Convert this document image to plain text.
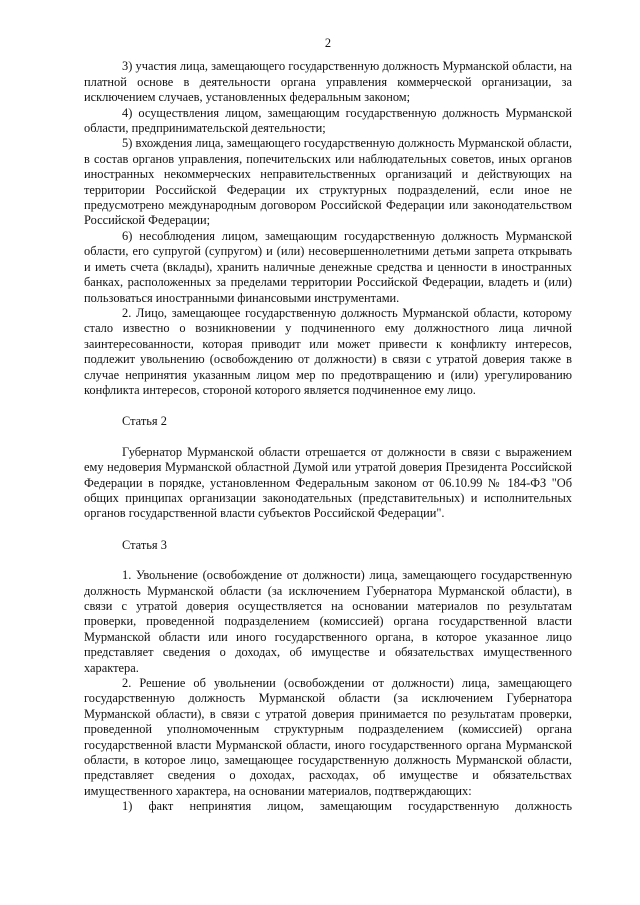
2

3) участия лица, замещающего государственную должность Мурманской области, на платной основе в деятельности органа управления коммерческой организации, за исключением случаев, установленных федеральным законом;

4) осуществления лицом, замещающим государственную должность Мурманской области, предпринимательской деятельности;

5) вхождения лица, замещающего государственную должность Мурманской области, в состав органов управления, попечительских или наблюдательных советов, иных органов иностранных некоммерческих неправительственных организаций и действующих на территории Российской Федерации их структурных подразделений, если иное не предусмотрено международным договором Российской Федерации или законодательством Российской Федерации;

6) несоблюдения лицом, замещающим государственную должность Мурманской области, его супругой (супругом) и (или) несовершеннолетними детьми запрета открывать и иметь счета (вклады), хранить наличные денежные средства и ценности в иностранных банках, расположенных за пределами территории Российской Федерации, владеть и (или) пользоваться иностранными финансовыми инструментами.

2. Лицо, замещающее государственную должность Мурманской области, которому стало известно о возникновении у подчиненного ему должностного лица личной заинтересованности, которая приводит или может привести к конфликту интересов, подлежит увольнению (освобождению от должности) в связи с утратой доверия также в случае непринятия указанным лицом мер по предотвращению и (или) урегулированию конфликта интересов, стороной которого является подчиненное ему лицо.

Статья 2

Губернатор Мурманской области отрешается от должности в связи с выражением ему недоверия Мурманской областной Думой или утратой доверия Президента Российской Федерации в порядке, установленном Федеральным законом от 06.10.99 № 184-ФЗ "Об общих принципах организации законодательных (представительных) и исполнительных органов государственной власти субъектов Российской Федерации".

Статья 3

1. Увольнение (освобождение от должности) лица, замещающего государственную должность Мурманской области (за исключением Губернатора Мурманской области), в связи с утратой доверия осуществляется на основании материалов по результатам проверки, проведенной подразделением (комиссией) органа государственной власти Мурманской области или иного государственного органа, в которое указанное лицо представляет сведения о доходах, об имуществе и обязательствах имущественного характера.

2. Решение об увольнении (освобождении от должности) лица, замещающего государственную должность Мурманской области (за исключением Губернатора Мурманской области), в связи с утратой доверия принимается по результатам проверки, проведенной уполномоченным структурным подразделением (комиссией) органа государственной власти Мурманской области, иного государственного органа Мурманской области, в которое лицо, замещающее государственную должность Мурманской области, представляет сведения о доходах, расходах, об имуществе и обязательствах имущественного характера, на основании материалов, подтверждающих:

1) факт непринятия лицом, замещающим государственную должность
